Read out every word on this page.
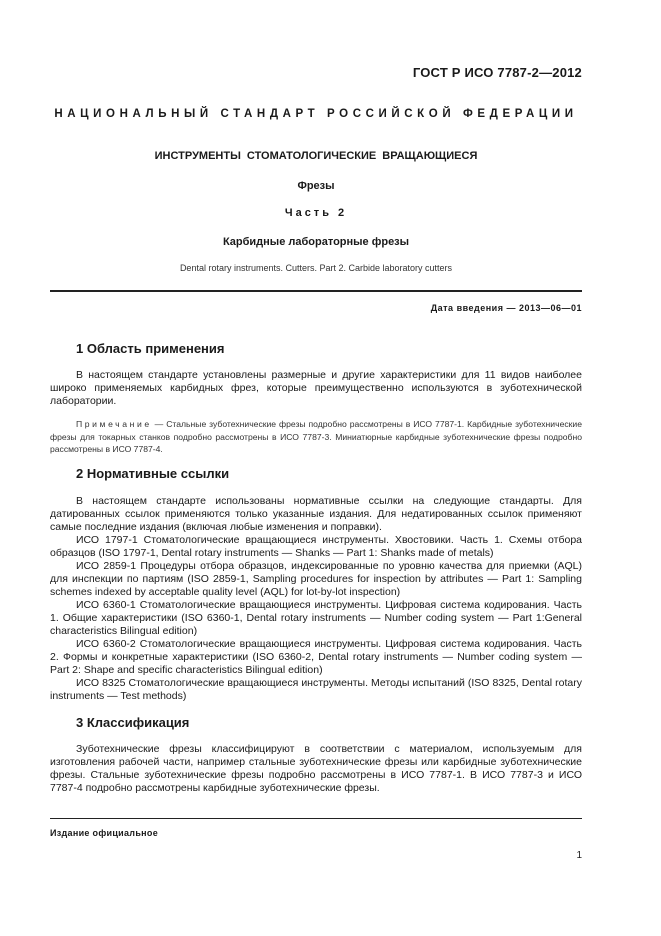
ГОСТ Р ИСО 7787-2—2012
НАЦИОНАЛЬНЫЙ СТАНДАРТ РОССИЙСКОЙ ФЕДЕРАЦИИ
ИНСТРУМЕНТЫ СТОМАТОЛОГИЧЕСКИЕ ВРАЩАЮЩИЕСЯ
Фрезы
Часть 2
Карбидные лабораторные фрезы
Dental rotary instruments. Cutters. Part 2. Carbide laboratory cutters
Дата введения — 2013—06—01
1 Область применения
В настоящем стандарте установлены размерные и другие характеристики для 11 видов наиболее широко применяемых карбидных фрез, которые преимущественно используются в зуботехнической лаборатории.
Примечание — Стальные зуботехнические фрезы подробно рассмотрены в ИСО 7787-1. Карбидные зуботехнические фрезы для токарных станков подробно рассмотрены в ИСО 7787-3. Миниатюрные карбидные зуботехнические фрезы подробно рассмотрены в ИСО 7787-4.
2 Нормативные ссылки

В настоящем стандарте использованы нормативные ссылки на следующие стандарты. Для датированных ссылок применяются только указанные издания. Для недатированных ссылок применяют самые последние издания (включая любые изменения и поправки).

ИСО 1797-1 Стоматологические вращающиеся инструменты. Хвостовики. Часть 1. Схемы отбора образцов (ISO 1797-1, Dental rotary instruments — Shanks — Part 1: Shanks made of metals)

ИСО 2859-1 Процедуры отбора образцов, индексированные по уровню качества для приемки (AQL) для инспекции по партиям (ISO 2859-1, Sampling procedures for inspection by attributes — Part 1: Sampling schemes indexed by acceptable quality level (AQL) for lot-by-lot inspection)

ИСО 6360-1 Стоматологические вращающиеся инструменты. Цифровая система кодирования. Часть 1. Общие характеристики (ISO 6360-1, Dental rotary instruments — Number coding system — Part 1:General characteristics Bilingual edition)

ИСО 6360-2 Стоматологические вращающиеся инструменты. Цифровая система кодирования. Часть 2. Формы и конкретные характеристики (ISO 6360-2, Dental rotary instruments — Number coding system — Part 2: Shape and specific characteristics Bilingual edition)

ИСО 8325 Стоматологические вращающиеся инструменты. Методы испытаний (ISO 8325, Dental rotary instruments — Test methods)

3 Классификация
Зуботехнические фрезы классифицируют в соответствии с материалом, используемым для изготовления рабочей части, например стальные зуботехнические фрезы или карбидные зуботехнические фрезы. Стальные зуботехнические фрезы подробно рассмотрены в ИСО 7787-1. В ИСО 7787-3 и ИСО 7787-4 подробно рассмотрены карбидные зуботехнические фрезы.
Издание официальное
1
